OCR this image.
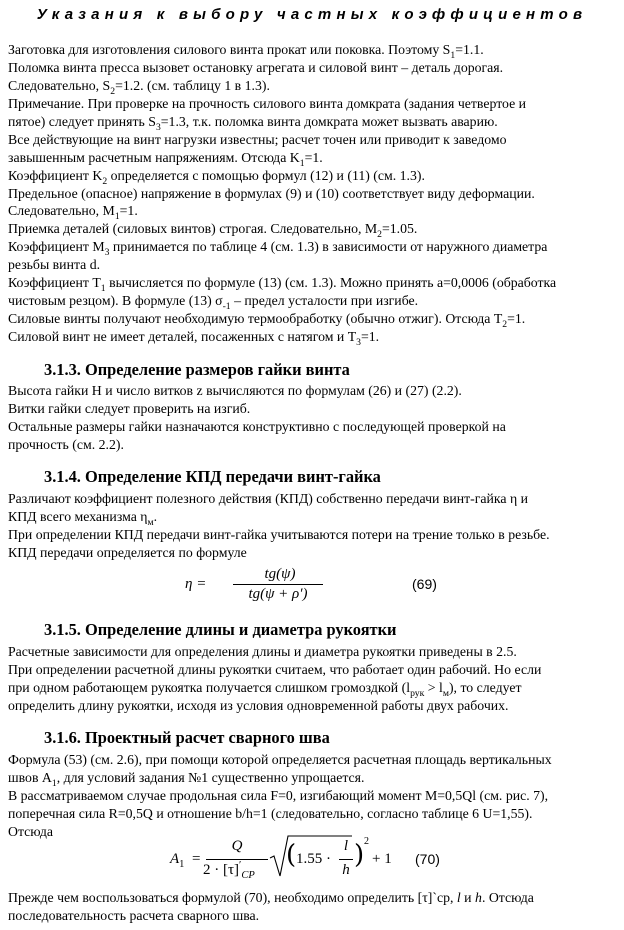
Указания к выбору частных коэффициентов
Заготовка для изготовления силового винта прокат или поковка. Поэтому $S_1=1.1$.
Поломка винта пресса вызовет остановку агрегата и силовой винт – деталь дорогая.
Следовательно, $S_2=1.2$. (см. таблицу 1 в 1.3).
Примечание. При проверке на прочность силового винта домкрата (задания четвертое и
пятое) следует принять $S_3=1.3$, т.к. поломка винта домкрата может вызвать аварию.
Все действующие на винт нагрузки известны; расчет точен или приводит к заведомо
завышенным расчетным напряжениям. Отсюда $K_1=1$.
Коэффициент $K_2$ определяется с помощью формул (12) и (11) (см. 1.3).
Предельное (опасное) напряжение в формулах (9) и (10) соответствует виду деформации.
Следовательно, $M_1=1$.
Приемка деталей (силовых винтов) строгая. Следовательно, $M_2=1.05$.
Коэффициент $M_3$ принимается по таблице 4 (см. 1.3) в зависимости от наружного диаметра
резьбы винта d.
Коэффициент $T_1$ вычисляется по формуле (13) (см. 1.3). Можно принять a=0,0006 (обработка
чистовым резцом). В формуле (13) $\sigma_{-1}$ – предел усталости при изгибе.
Силовые винты получают необходимую термообработку (обычно отжиг). Отсюда $T_2=1$.
Силовой винт не имеет деталей, посаженных с натягом и $T_3=1$.
3.1.3. Определение размеров гайки винта
Высота гайки H и число витков z вычисляются по формулам (26) и (27) (2.2).
Витки гайки следует проверить на изгиб.
Остальные размеры гайки назначаются конструктивно с последующей проверкой на
прочность (см. 2.2).
3.1.4. Определение КПД передачи винт-гайка
Различают коэффициент полезного действия (КПД) собственно передачи винт-гайка η и
КПД всего механизма $\eta_м$.
При определении КПД передачи винт-гайка учитываются потери на трение только в резьбе.
КПД передачи определяется по формуле
η =
tg(ψ)
tg(ψ + ρ′)
(69)
3.1.5. Определение длины и диаметра рукоятки
Расчетные зависимости для определения длины и диаметра рукоятки приведены в 2.5.
При определении расчетной длины рукоятки считаем, что работает один рабочий. Но если
при одном работающем рукоятка получается слишком громоздкой $(l_{рук} > l_м)$, то следует
определить длину рукоятки, исходя из условия одновременной работы двух рабочих.
3.1.6. Проектный расчет сварного шва
Формула (53) (см. 2.6), при помощи которой определяется расчетная площадь вертикальных
швов $A_1$, для условий задания №1 существенно упрощается.
В рассматриваемом случае продольная сила F=0, изгибающий момент M=0,5Ql (см. рис. 7),
поперечная сила R=0,5Q и отношение b/h=1 (следовательно, согласно таблице 6 U=1,55).
Отсюда
$A_1$ =
Q
$2 \cdot [\tau]'_{CP}$
( 1.55 ·
l
h ) 2
+ 1 (70)
Прежде чем воспользоваться формулой (70), необходимо определить [τ]`cp, l и h. Отсюда
последовательность расчета сварного шва.
